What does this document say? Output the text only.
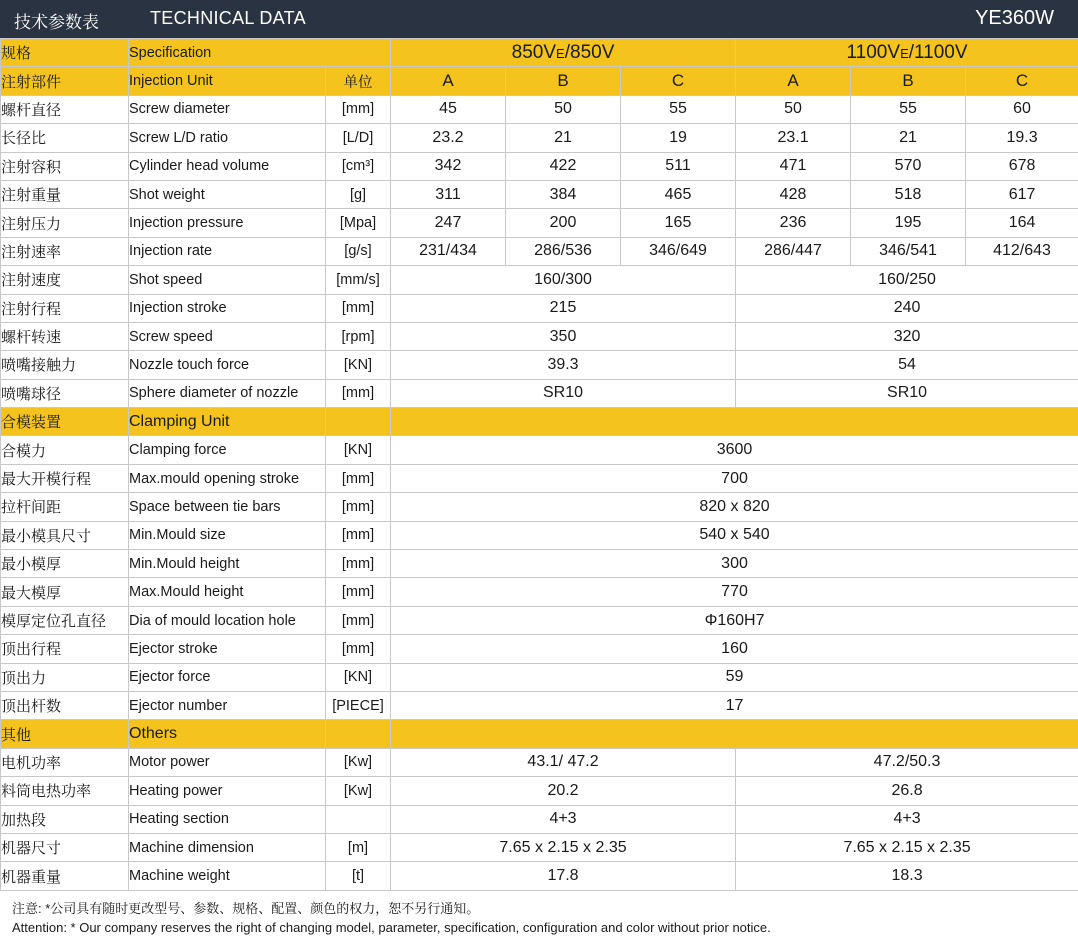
技术参数表	TECHNICAL DATA	YE360W
规格	Specification		850VE/850V			1100VE/1100V		
注射部件	Injection Unit	单位	A	B	C	A	B	C
螺杆直径	Screw diameter	[mm]	45	50	55	50	55	60
长径比	Screw L/D ratio	[L/D]	23.2	21	19	23.1	21	19.3
注射容积	Cylinder head volume	[cm³]	342	422	511	471	570	678
注射重量	Shot weight	[g]	311	384	465	428	518	617
注射压力	Injection pressure	[Mpa]	247	200	165	236	195	164
注射速率	Injection rate	[g/s]	231/434	286/536	346/649	286/447	346/541	412/643
注射速度	Shot speed	[mm/s]	160/300			160/250		
注射行程	Injection stroke	[mm]	215			240		
螺杆转速	Screw speed	[rpm]	350			320		
喷嘴接触力	Nozzle touch force	[KN]	39.3			54		
喷嘴球径	Sphere diameter of nozzle	[mm]	SR10			SR10		
合模装置	Clamping Unit							
合模力	Clamping force	[KN]	3600					
最大开模行程	Max.mould opening stroke	[mm]	700					
拉杆间距	Space between tie bars	[mm]	820 x 820					
最小模具尺寸	Min.Mould size	[mm]	540 x 540					
最小模厚	Min.Mould height	[mm]	300					
最大模厚	Max.Mould height	[mm]	770					
模厚定位孔直径	Dia of mould location hole	[mm]	Φ160H7					
顶出行程	Ejector stroke	[mm]	160					
顶出力	Ejector force	[KN]	59					
顶出杆数	Ejector number	[PIECE]	17					
其他	Others							
电机功率	Motor power	[Kw]	43.1/ 47.2			47.2/50.3		
料筒电热功率	Heating power	[Kw]	20.2			26.8		
加热段	Heating section		4+3			4+3		
机器尺寸	Machine dimension	[m]	7.65 x 2.15 x 2.35			7.65 x 2.15 x 2.35		
机器重量	Machine weight	[t]	17.8			18.3		
注意: *公司具有随时更改型号、参数、规格、配置、颜色的权力，恕不另行通知。
Attention: * Our company reserves the right of changing model, parameter, specification, configuration and color without prior notice.
